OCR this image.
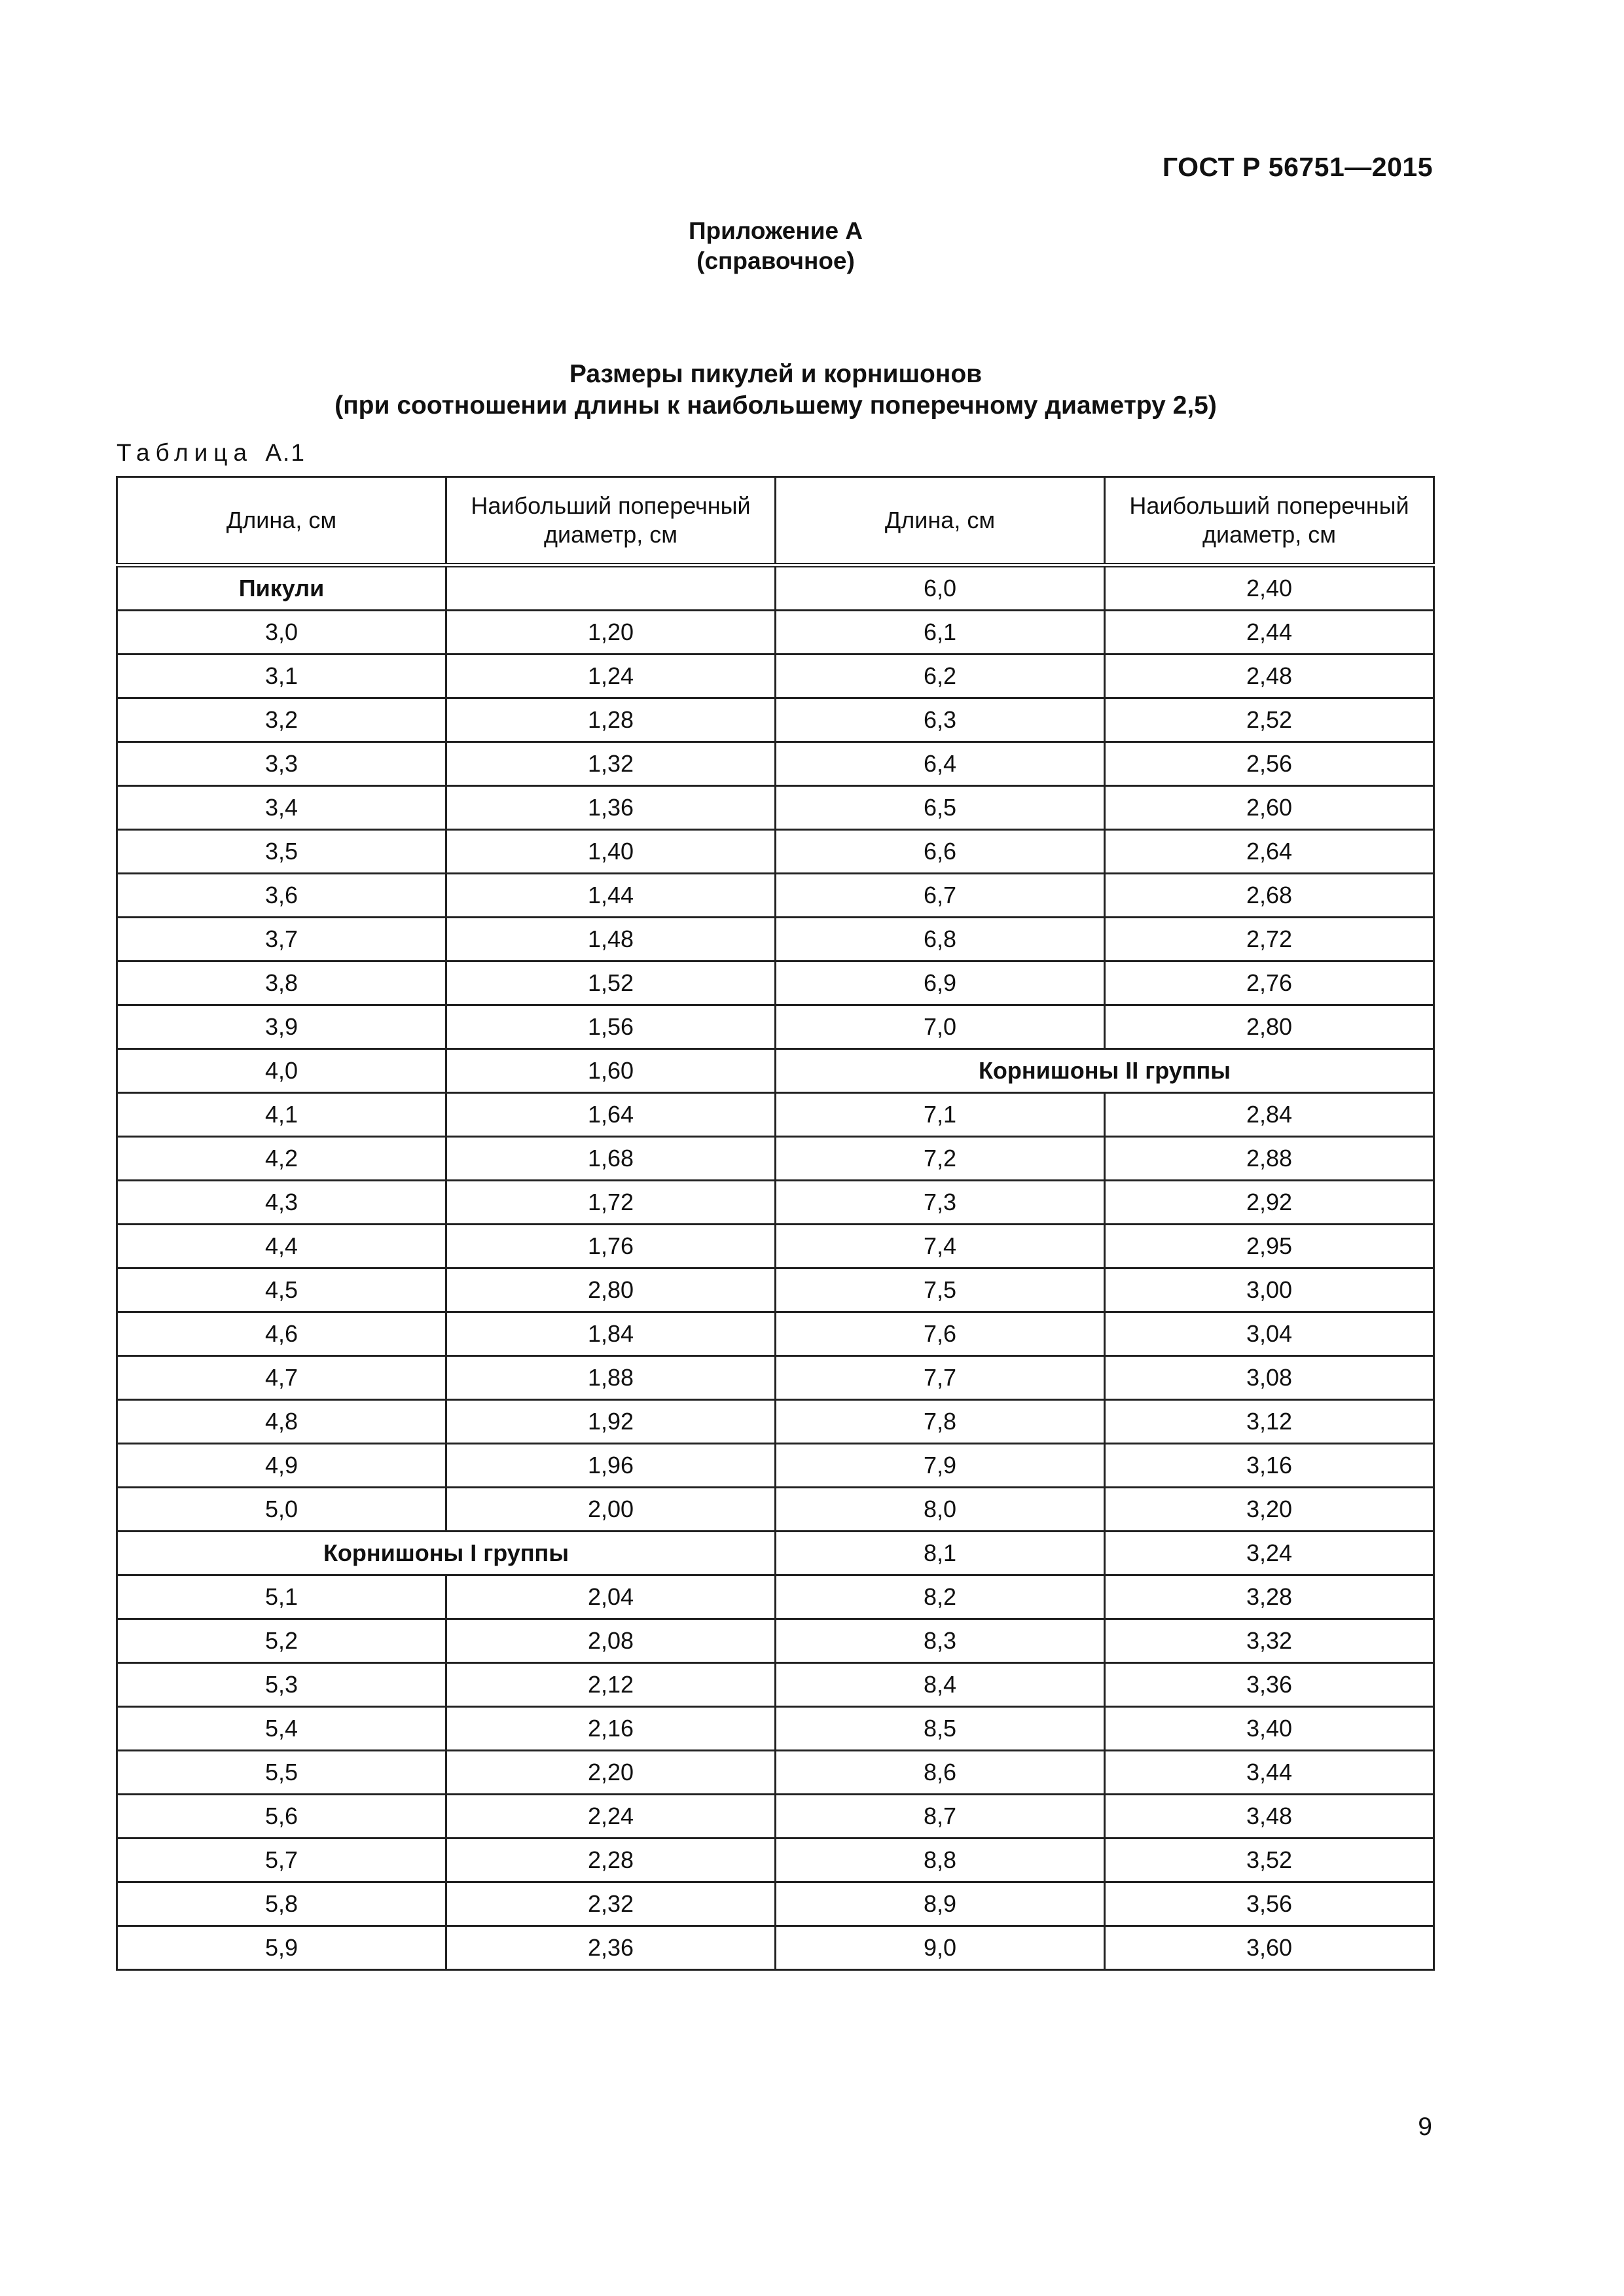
ГОСТ Р 56751—2015
Приложение А
(справочное)
Размеры пикулей и корнишонов
(при соотношении длины к наибольшему поперечному диаметру 2,5)
Таблица А.1
Длина, см	Наибольший поперечный диаметр, см	Длина, см	Наибольший поперечный диаметр, см
Пикули		6,0	2,40
3,0	1,20	6,1	2,44
3,1	1,24	6,2	2,48
3,2	1,28	6,3	2,52
3,3	1,32	6,4	2,56
3,4	1,36	6,5	2,60
3,5	1,40	6,6	2,64
3,6	1,44	6,7	2,68
3,7	1,48	6,8	2,72
3,8	1,52	6,9	2,76
3,9	1,56	7,0	2,80
4,0	1,60	Корнишоны II группы	
4,1	1,64	7,1	2,84
4,2	1,68	7,2	2,88
4,3	1,72	7,3	2,92
4,4	1,76	7,4	2,95
4,5	2,80	7,5	3,00
4,6	1,84	7,6	3,04
4,7	1,88	7,7	3,08
4,8	1,92	7,8	3,12
4,9	1,96	7,9	3,16
5,0	2,00	8,0	3,20
Корнишоны I группы		8,1	3,24
5,1	2,04	8,2	3,28
5,2	2,08	8,3	3,32
5,3	2,12	8,4	3,36
5,4	2,16	8,5	3,40
5,5	2,20	8,6	3,44
5,6	2,24	8,7	3,48
5,7	2,28	8,8	3,52
5,8	2,32	8,9	3,56
5,9	2,36	9,0	3,60
9
